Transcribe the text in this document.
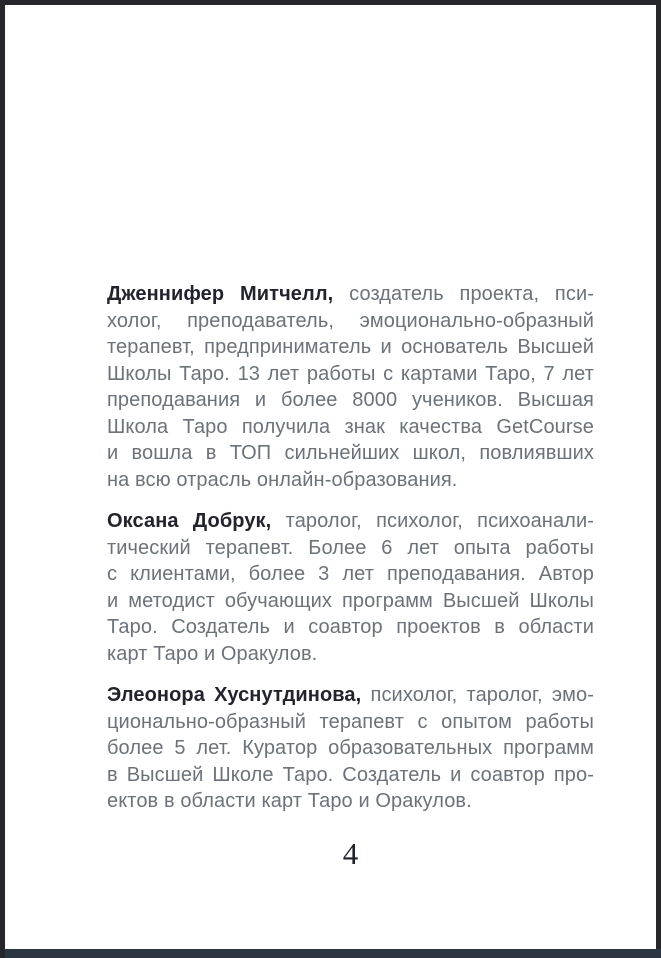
Дженнифер Митчелл, создатель проекта, пси-
холог, преподаватель, эмоционально-образный
терапевт, предприниматель и основатель Высшей
Школы Таро. 13 лет работы с картами Таро, 7 лет
преподавания и более 8000 учеников. Высшая
Школа Таро получила знак качества GetCourse
и вошла в ТОП сильнейших школ, повлиявших
на всю отрасль онлайн-образования.

Оксана Добрук, таролог, психолог, психоанали-
тический терапевт. Более 6 лет опыта работы
с клиентами, более 3 лет преподавания. Автор
и методист обучающих программ Высшей Школы
Таро. Создатель и соавтор проектов в области
карт Таро и Оракулов.

Элеонора Хуснутдинова, психолог, таролог, эмо-
ционально-образный терапевт с опытом работы
более 5 лет. Куратор образовательных программ
в Высшей Школе Таро. Создатель и соавтор про-
ектов в области карт Таро и Оракулов.

4
